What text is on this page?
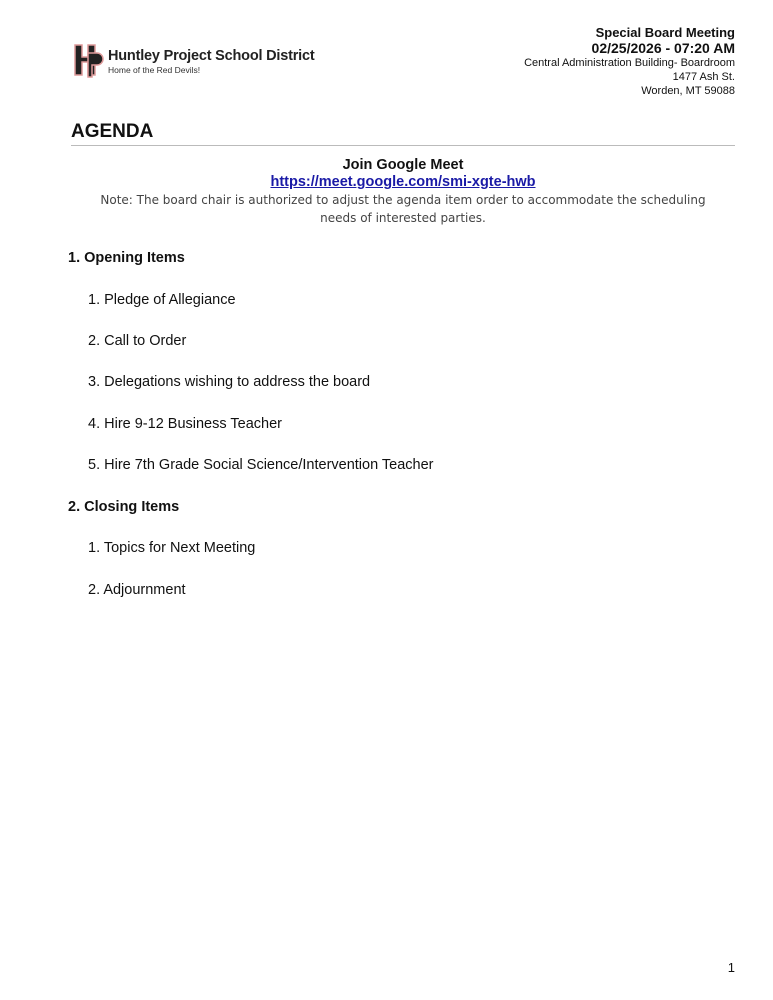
Huntley Project School District
Home of the Red Devils!
Special Board Meeting
02/25/2026 - 07:20 AM
Central Administration Building- Boardroom
1477 Ash St.
Worden, MT 59088
AGENDA
Join Google Meet
https://meet.google.com/smi-xgte-hwb
Note: The board chair is authorized to adjust the agenda item order to accommodate the scheduling needs of interested parties.
1. Opening Items
1. Pledge of Allegiance
2. Call to Order
3. Delegations wishing to address the board
4. Hire 9-12 Business Teacher
5. Hire 7th Grade Social Science/Intervention Teacher
2. Closing Items
1. Topics for Next Meeting
2. Adjournment
1
